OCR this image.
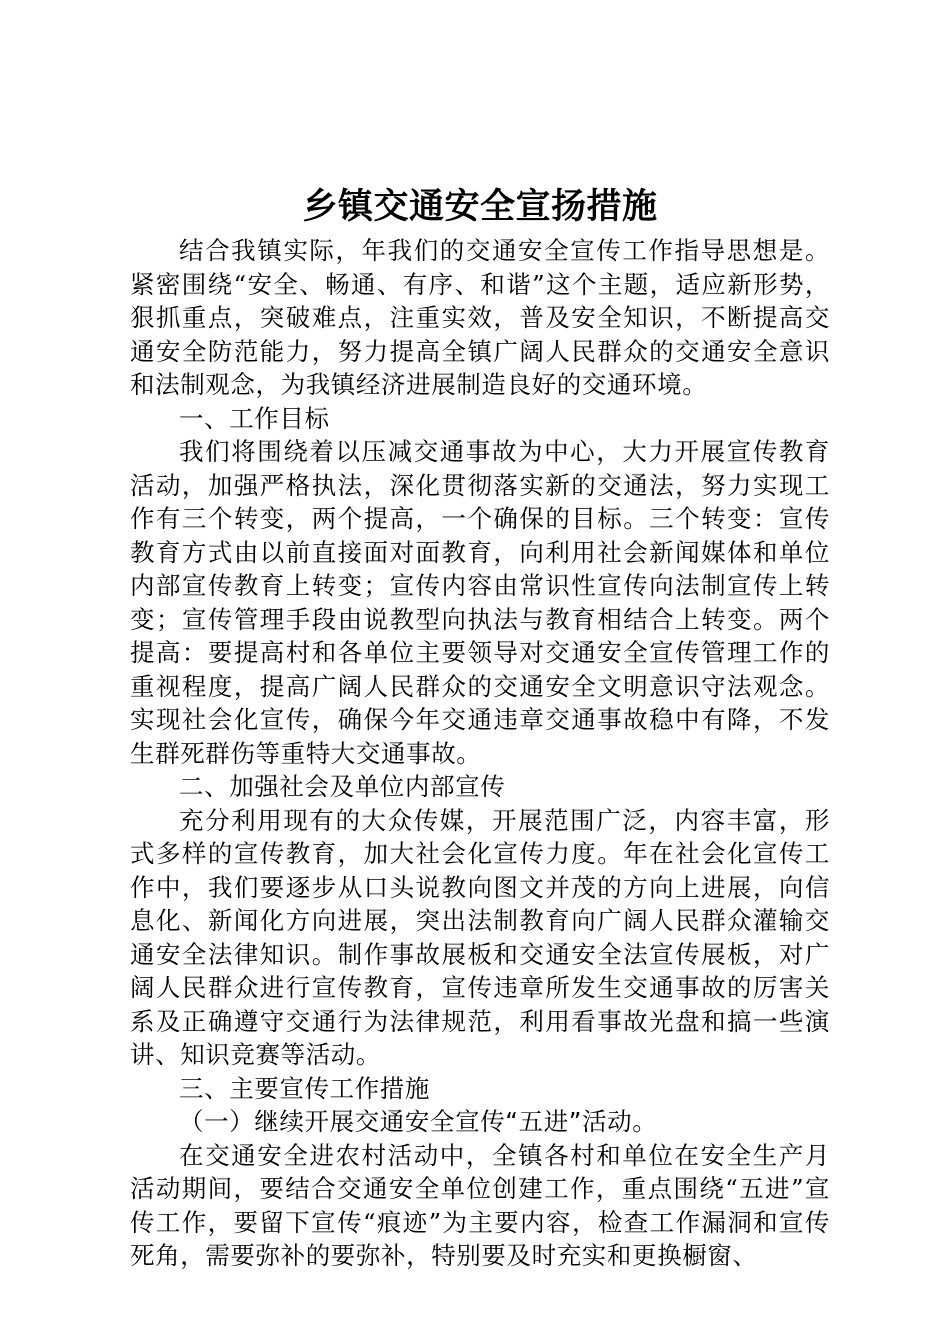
乡镇交通安全宣扬措施

结合我镇实际，年我们的交通安全宣传工作指导思想是。紧密围绕“安全、畅通、有序、和谐”这个主题，适应新形势，狠抓重点，突破难点，注重实效，普及安全知识，不断提高交通安全防范能力，努力提高全镇广阔人民群众的交通安全意识和法制观念，为我镇经济进展制造良好的交通环境。

一、工作目标

我们将围绕着以压减交通事故为中心，大力开展宣传教育活动，加强严格执法，深化贯彻落实新的交通法，努力实现工作有三个转变，两个提高，一个确保的目标。三个转变：宣传教育方式由以前直接面对面教育，向利用社会新闻媒体和单位内部宣传教育上转变；宣传内容由常识性宣传向法制宣传上转变；宣传管理手段由说教型向执法与教育相结合上转变。两个提高：要提高村和各单位主要领导对交通安全宣传管理工作的重视程度，提高广阔人民群众的交通安全文明意识守法观念。实现社会化宣传，确保今年交通违章交通事故稳中有降，不发生群死群伤等重特大交通事故。

二、加强社会及单位内部宣传

充分利用现有的大众传媒，开展范围广泛，内容丰富，形式多样的宣传教育，加大社会化宣传力度。年在社会化宣传工作中，我们要逐步从口头说教向图文并茂的方向上进展，向信息化、新闻化方向进展，突出法制教育向广阔人民群众灌输交通安全法律知识。制作事故展板和交通安全法宣传展板，对广阔人民群众进行宣传教育，宣传违章所发生交通事故的厉害关系及正确遵守交通行为法律规范，利用看事故光盘和搞一些演讲、知识竞赛等活动。

三、主要宣传工作措施

（一）继续开展交通安全宣传“五进”活动。

在交通安全进农村活动中，全镇各村和单位在安全生产月活动期间，要结合交通安全单位创建工作，重点围绕“五进”宣传工作，要留下宣传“痕迹”为主要内容，检查工作漏洞和宣传死角，需要弥补的要弥补，特别要及时充实和更换橱窗、
